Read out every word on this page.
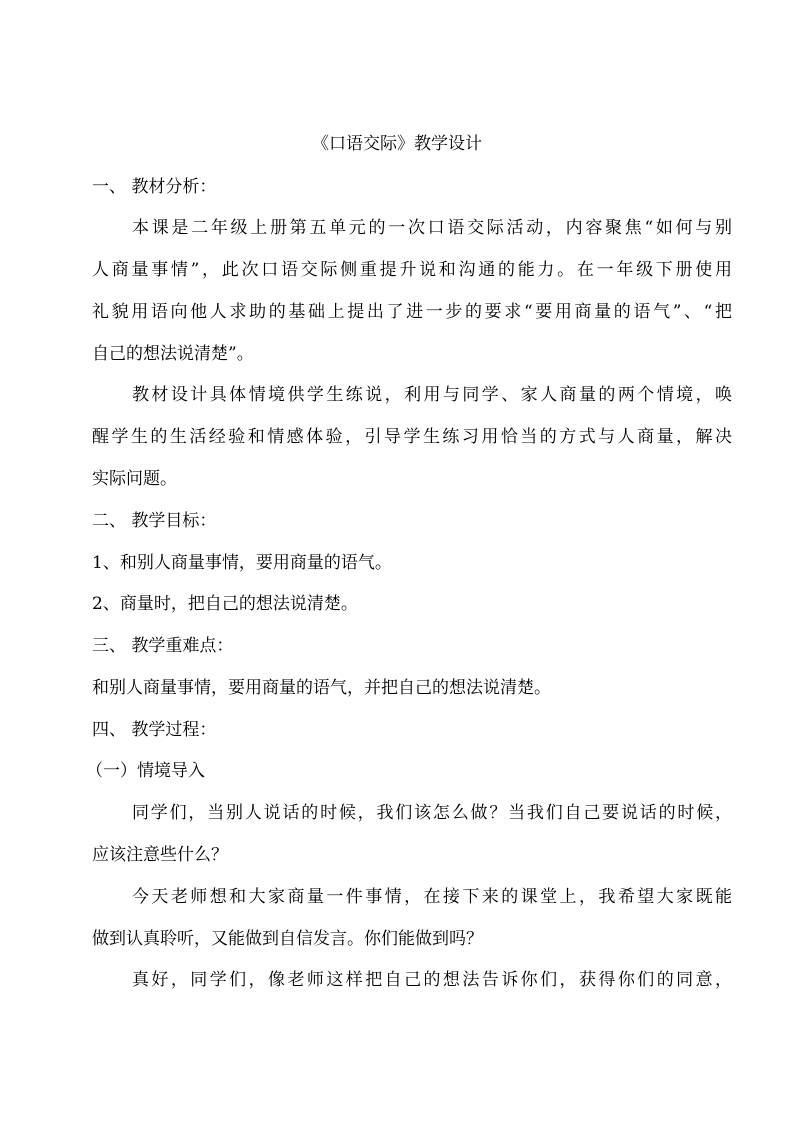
《口语交际》教学设计
一、 教材分析：
本课是二年级上册第五单元的一次口语交际活动，内容聚焦“如何与别
人商量事情”，此次口语交际侧重提升说和沟通的能力。在一年级下册使用
礼貌用语向他人求助的基础上提出了进一步的要求“要用商量的语气”、“把
自己的想法说清楚”。
教材设计具体情境供学生练说，利用与同学、家人商量的两个情境，唤
醒学生的生活经验和情感体验，引导学生练习用恰当的方式与人商量，解决
实际问题。
二、 教学目标：
1、和别人商量事情，要用商量的语气。
2、商量时，把自己的想法说清楚。
三、 教学重难点：
和别人商量事情，要用商量的语气，并把自己的想法说清楚。
四、 教学过程：
（一）情境导入
同学们，当别人说话的时候，我们该怎么做？当我们自己要说话的时候，
应该注意些什么？
今天老师想和大家商量一件事情，在接下来的课堂上，我希望大家既能
做到认真聆听，又能做到自信发言。你们能做到吗？
真好，同学们，像老师这样把自己的想法告诉你们，获得你们的同意，
